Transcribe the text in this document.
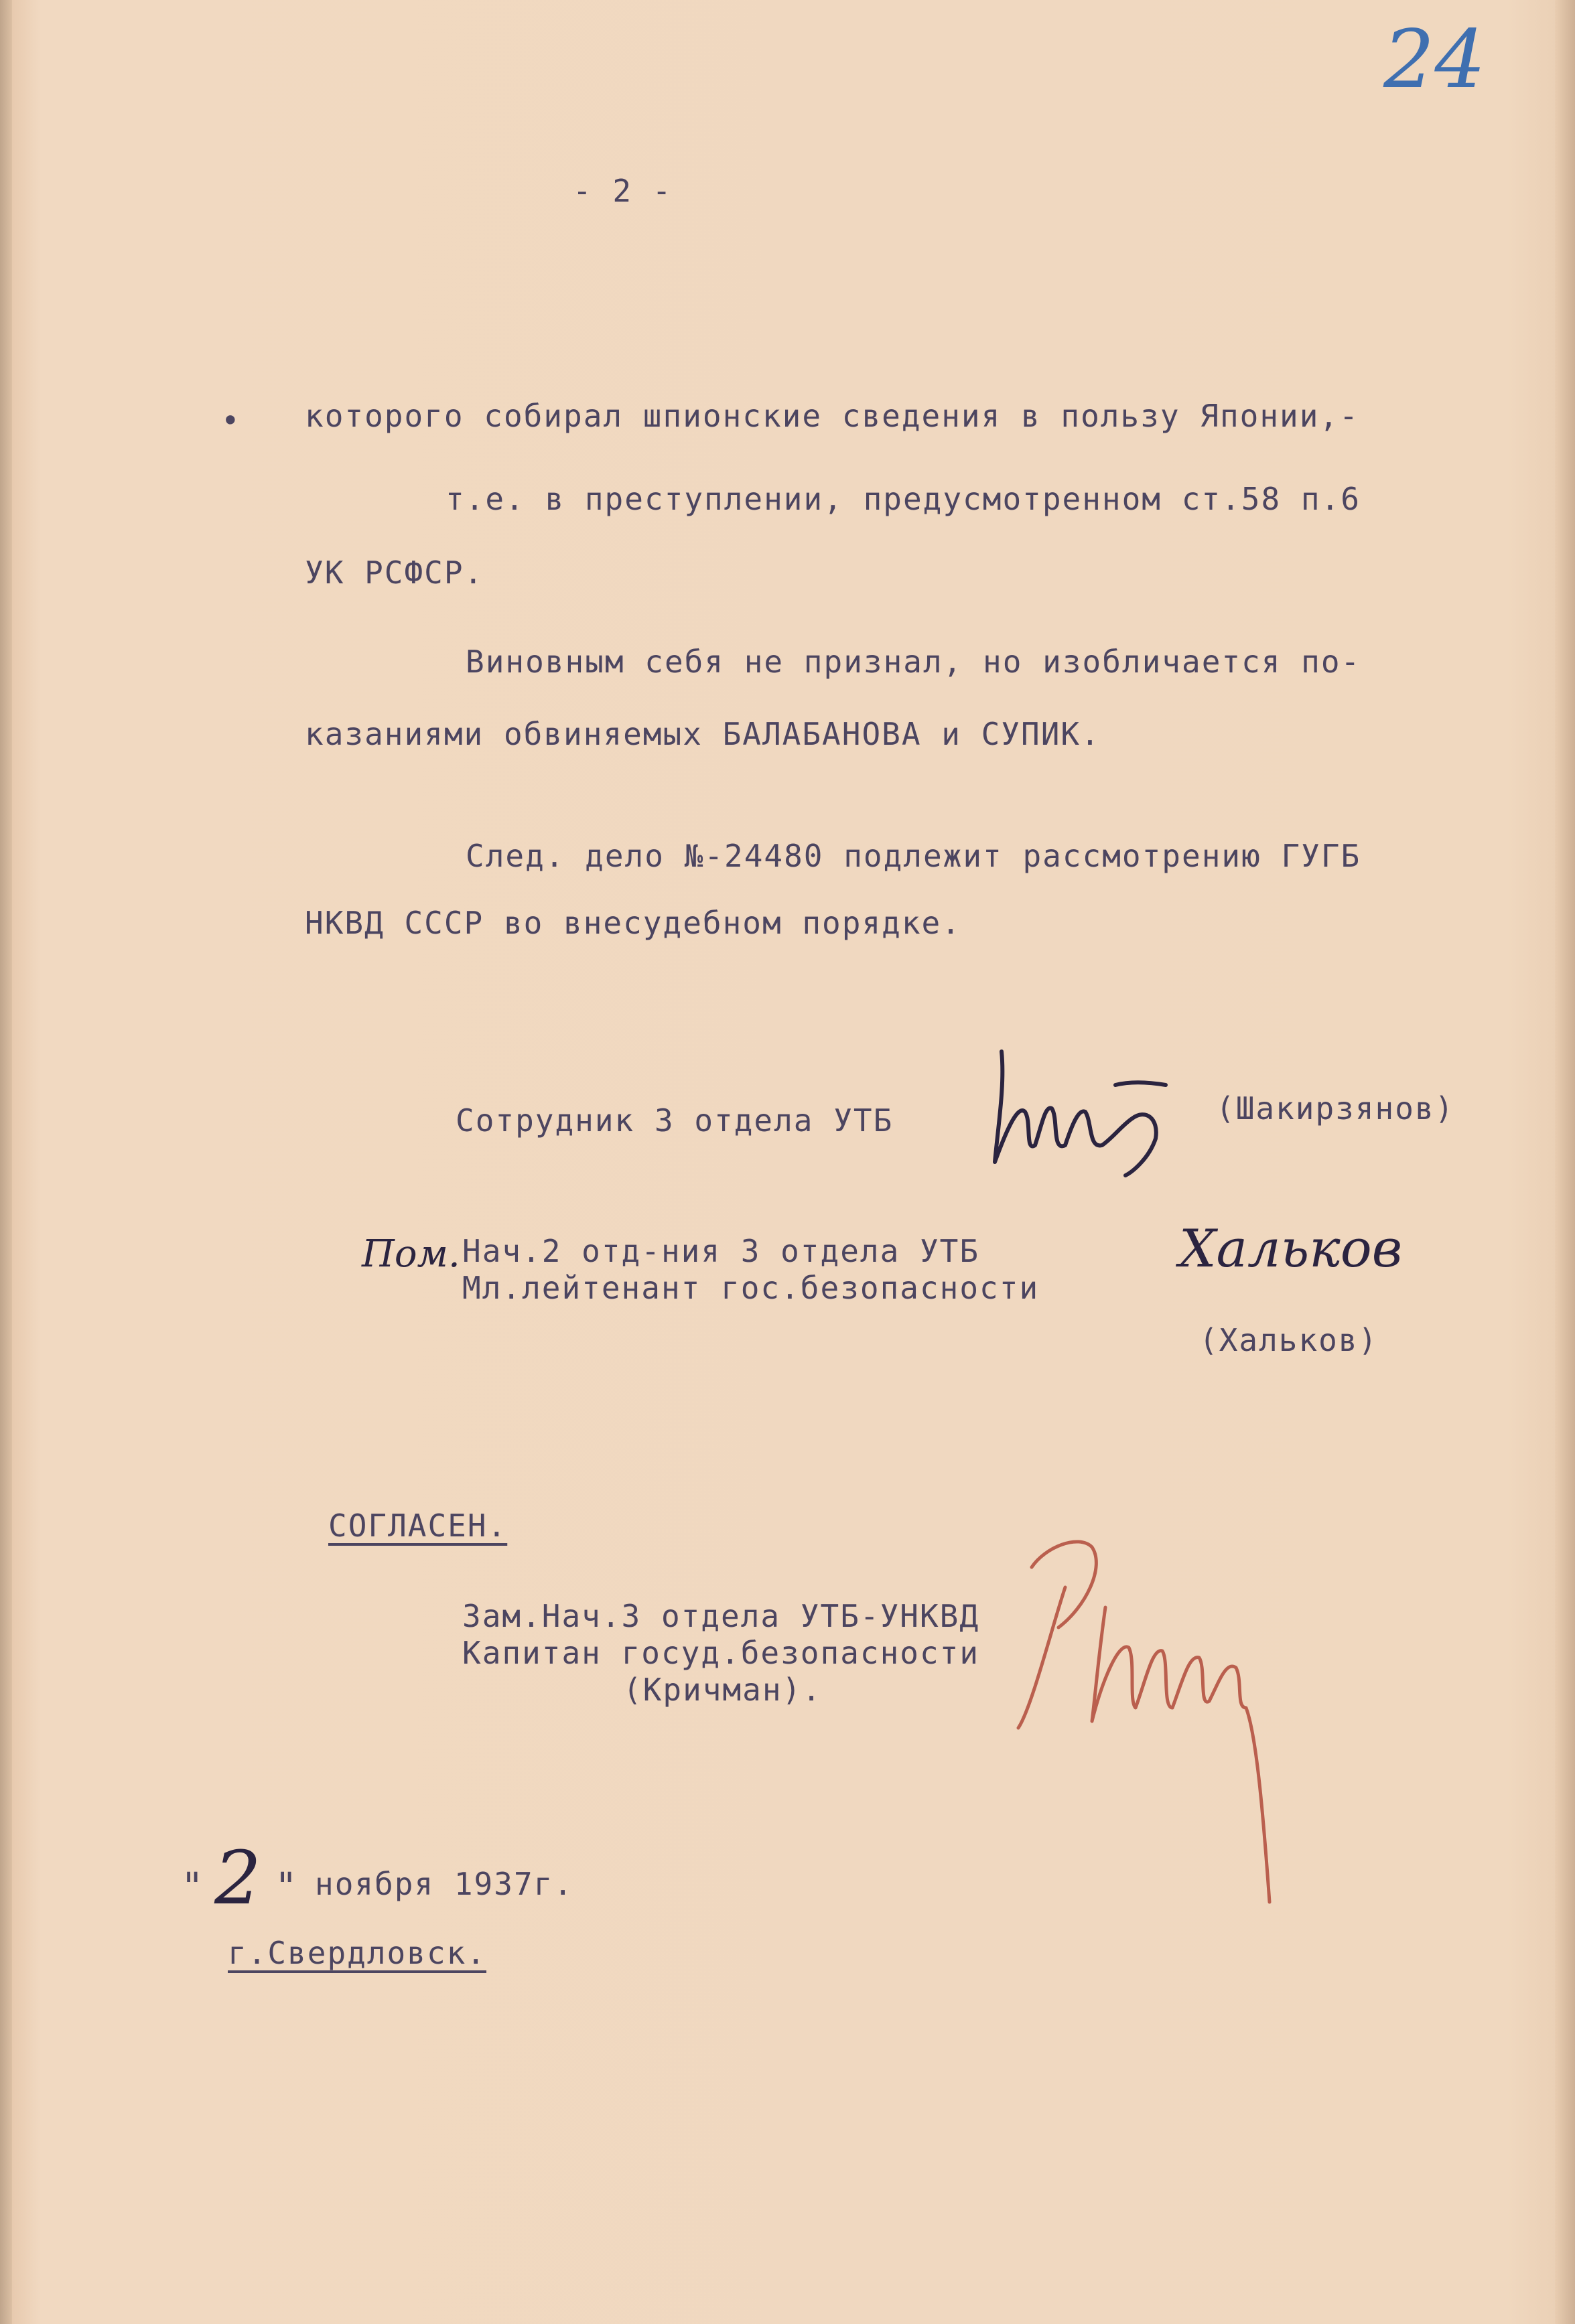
24
- 2 -
• которого собирал шпионские сведения в пользу Японии,-
т.е. в преступлении, предусмотренном ст.58 п.6
УК РСФСР.
Виновным себя не признал, но изобличается по-
казаниями обвиняемых БАЛАБАНОВА и СУПИК.
След. дело №-24480 подлежит рассмотрению ГУГБ
НКВД СССР во внесудебном порядке.
Сотрудник 3 отдела УТБ	(Шакирзянов)
Пом. Нач.2 отд-ния 3 отдела УТБ
Мл.лейтенант гос.безопасности
Хальков
(Хальков)
СОГЛАСЕН.
Зам.Нач.3 отдела УТБ-УНКВД
Капитан госуд.безопасности
(Кричман).
" 2 " ноября 1937г.
г.Свердловск.
